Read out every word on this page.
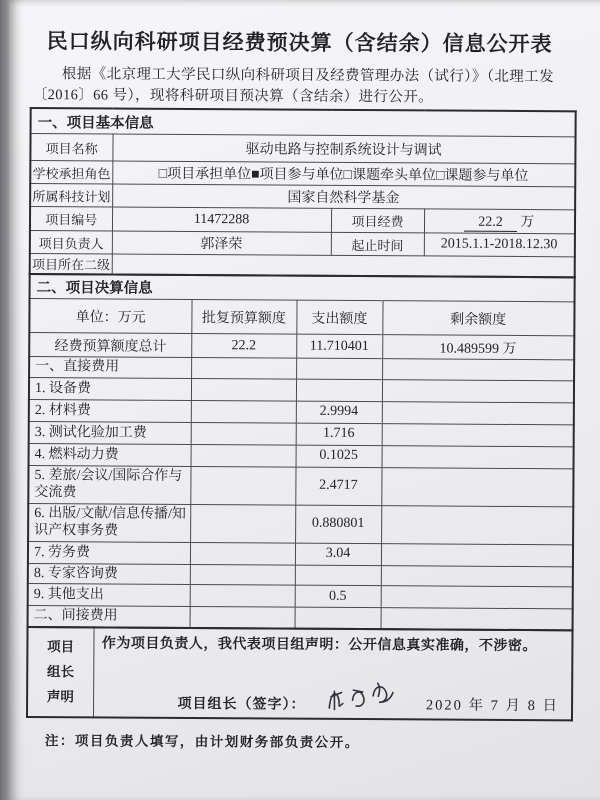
民口纵向科研项目经费预决算（含结余）信息公开表

根据《北京理工大学民口纵向科研项目及经费管理办法（试行）》（北理工发〔2016〕66 号），现将科研项目预决算（含结余）进行公开。

一、项目基本信息			
项目名称	驱动电路与控制系统设计与调试		
学校承担角色	□项目承担单位■项目参与单位□课题牵头单位□课题参与单位		
所属科技计划	国家自然科学基金		
项目编号	11472288	项目经费	22.2 万
项目负责人	郭泽荣	起止时间	2015.1.1-2018.12.30
项目所在二级			
二、项目决算信息			
单位：万元	批复预算额度	支出额度	剩余额度
经费预算额度总计	22.2	11.710401	10.489599 万
一、直接费用			
1. 设备费			
2. 材料费		2.9994	
3. 测试化验加工费		1.716	
4. 燃料动力费		0.1025	
5. 差旅/会议/国际合作与交流费		2.4717	
6. 出版/文献/信息传播/知识产权事务费		0.880801	
7. 劳务费		3.04	
8. 专家咨询费			
9. 其他支出		0.5	
二、间接费用			
项目
组长
声明

作为项目负责人，我代表项目组声明：公开信息真实准确，不涉密。
项目组长（签字）：	2020 年 7 月 8 日

注：项目负责人填写，由计划财务部负责公开。
